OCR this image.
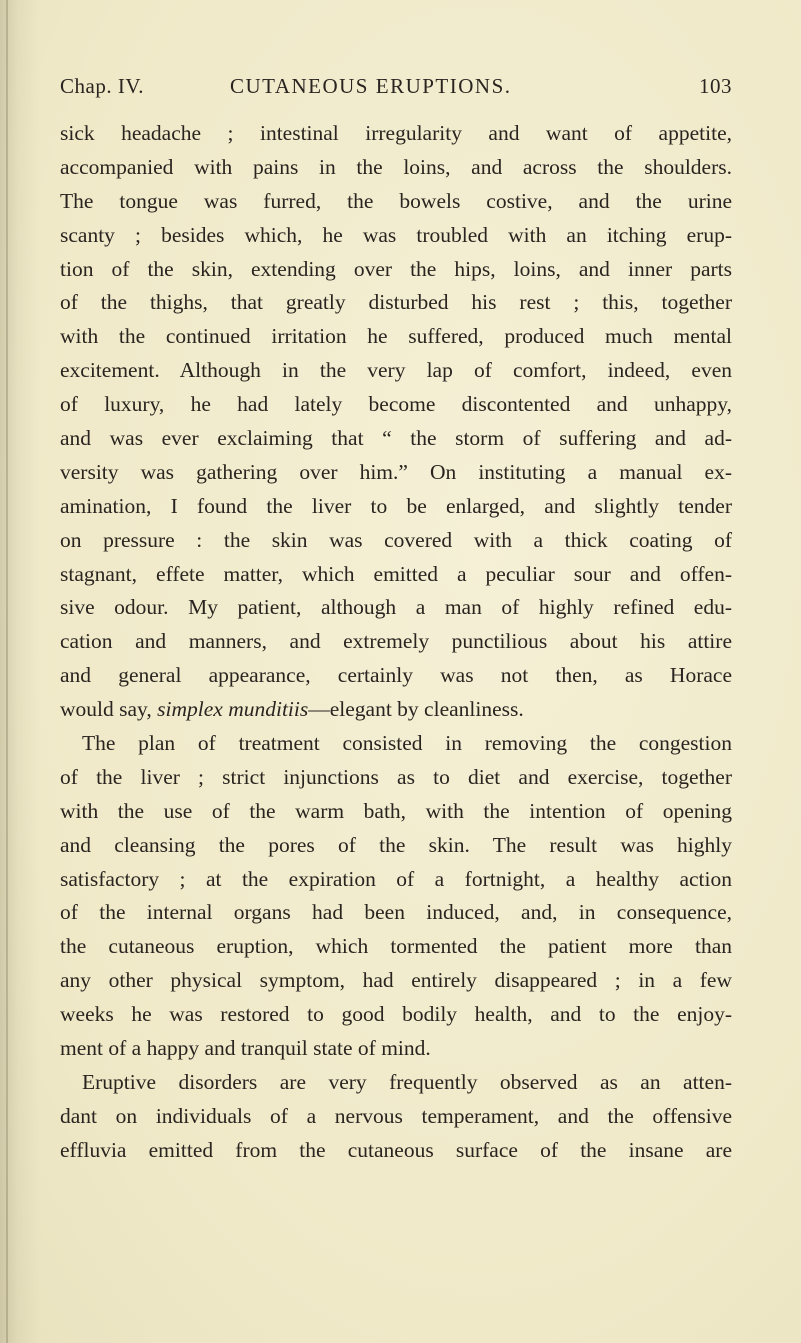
Chap. IV.	CUTANEOUS ERUPTIONS.	103
sick headache ; intestinal irregularity and want of appetite,
accompanied with pains in the loins, and across the shoulders.
The tongue was furred, the bowels costive, and the urine
scanty ; besides which, he was troubled with an itching erup-
tion of the skin, extending over the hips, loins, and inner parts
of the thighs, that greatly disturbed his rest ; this, together
with the continued irritation he suffered, produced much mental
excitement. Although in the very lap of comfort, indeed, even
of luxury, he had lately become discontented and unhappy,
and was ever exclaiming that “ the storm of suffering and ad-
versity was gathering over him.” On instituting a manual ex-
amination, I found the liver to be enlarged, and slightly tender
on pressure : the skin was covered with a thick coating of
stagnant, effete matter, which emitted a peculiar sour and offen-
sive odour. My patient, although a man of highly refined edu-
cation and manners, and extremely punctilious about his attire
and general appearance, certainly was not then, as Horace
would say, simplex munditiis—elegant by cleanliness.
The plan of treatment consisted in removing the congestion
of the liver ; strict injunctions as to diet and exercise, together
with the use of the warm bath, with the intention of opening
and cleansing the pores of the skin. The result was highly
satisfactory ; at the expiration of a fortnight, a healthy action
of the internal organs had been induced, and, in consequence,
the cutaneous eruption, which tormented the patient more than
any other physical symptom, had entirely disappeared ; in a few
weeks he was restored to good bodily health, and to the enjoy-
ment of a happy and tranquil state of mind.
Eruptive disorders are very frequently observed as an atten-
dant on individuals of a nervous temperament, and the offensive
effluvia emitted from the cutaneous surface of the insane are
